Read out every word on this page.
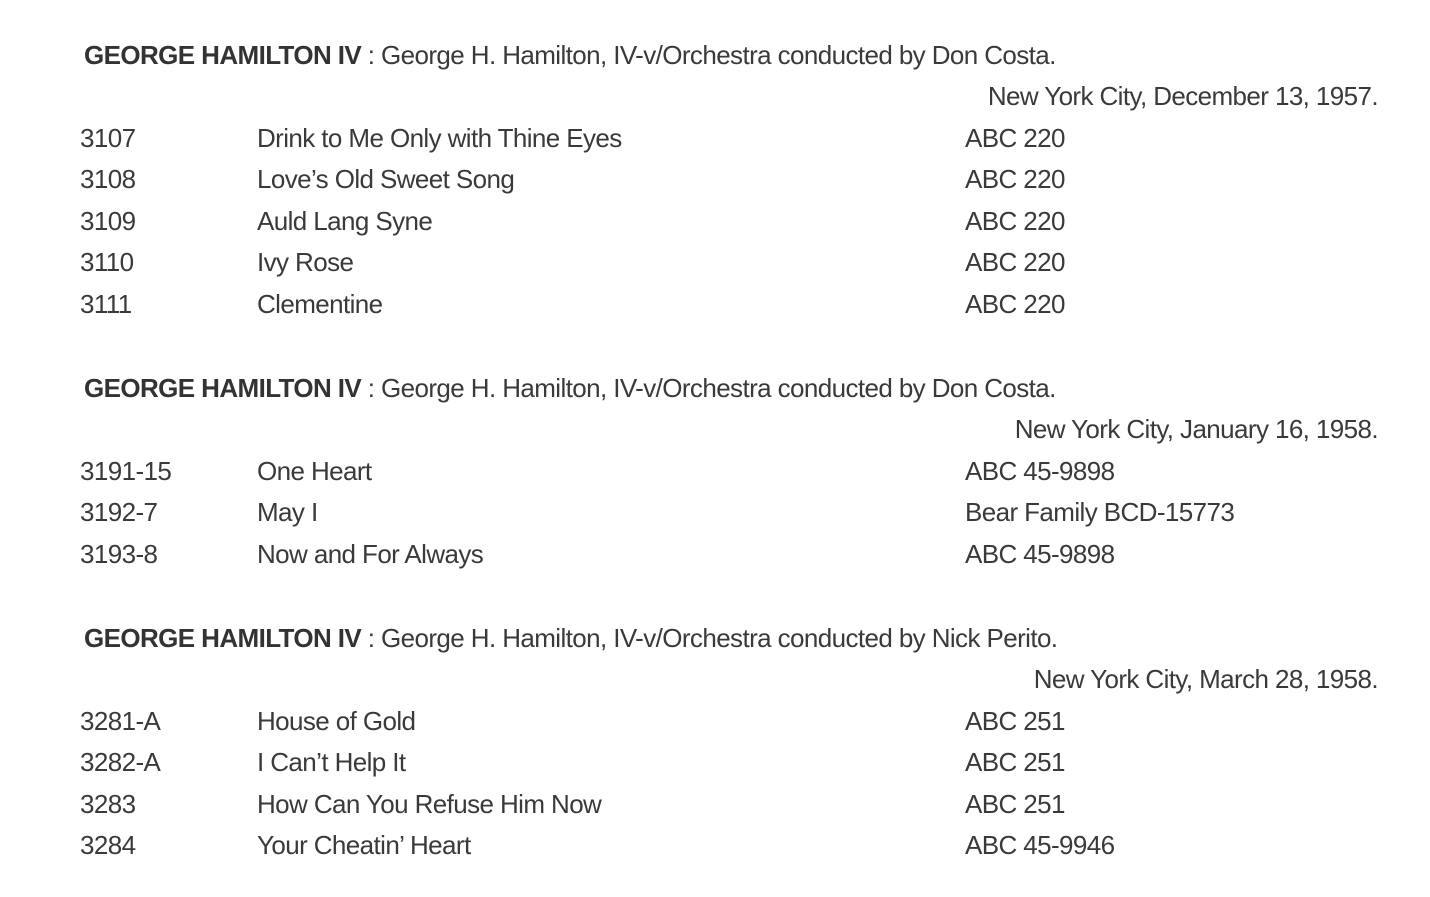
GEORGE HAMILTON IV : George H. Hamilton, IV-v/Orchestra conducted by Don Costa.
New York City, December 13, 1957.
3107	Drink to Me Only with Thine Eyes	ABC 220
3108	Love’s Old Sweet Song	ABC 220
3109	Auld Lang Syne	ABC 220
3110	Ivy Rose	ABC 220
3111	Clementine	ABC 220
GEORGE HAMILTON IV : George H. Hamilton, IV-v/Orchestra conducted by Don Costa.
New York City, January 16, 1958.
3191-15	One Heart	ABC 45-9898
3192-7	May I	Bear Family BCD-15773
3193-8	Now and For Always	ABC 45-9898
GEORGE HAMILTON IV : George H. Hamilton, IV-v/Orchestra conducted by Nick Perito.
New York City, March 28, 1958.
3281-A	House of Gold	ABC 251
3282-A	I Can’t Help It	ABC 251
3283	How Can You Refuse Him Now	ABC 251
3284	Your Cheatin’ Heart	ABC 45-9946
